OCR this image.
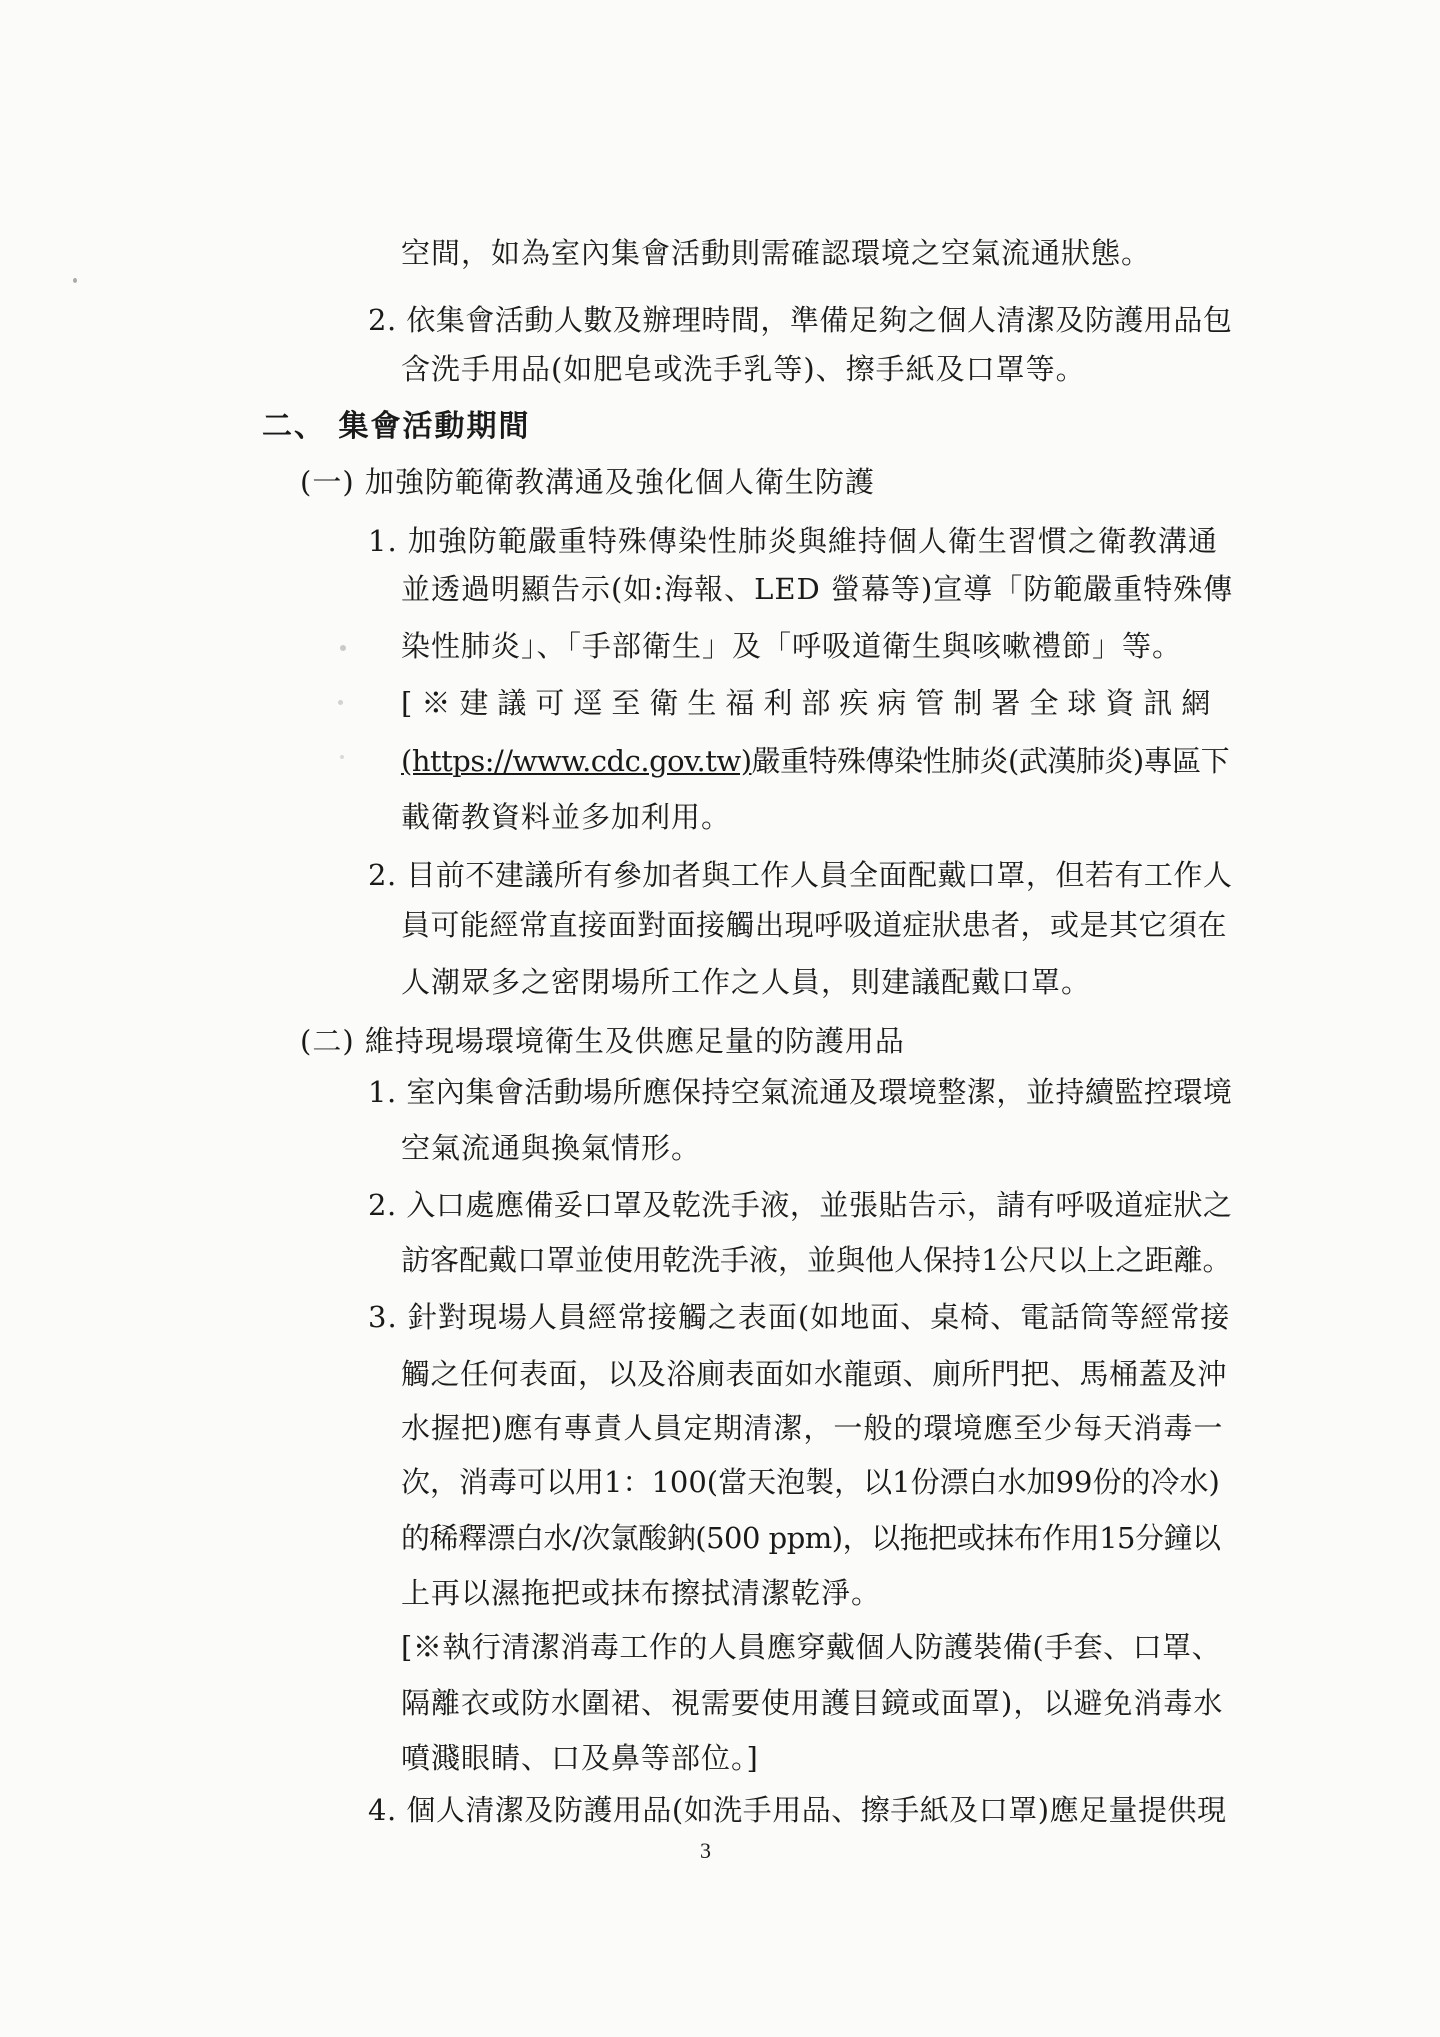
空間，如為室內集會活動則需確認環境之空氣流通狀態。
2. 依集會活動人數及辦理時間，準備足夠之個人清潔及防護用品包
含洗手用品(如肥皂或洗手乳等)、擦手紙及口罩等。
二、 集會活動期間
(一) 加強防範衛教溝通及強化個人衛生防護
1. 加強防範嚴重特殊傳染性肺炎與維持個人衛生習慣之衛教溝通
並透過明顯告示(如:海報、LED 螢幕等)宣導「防範嚴重特殊傳
染性肺炎」、「手部衛生」及「呼吸道衛生與咳嗽禮節」等。
[※建議可逕至衛生福利部疾病管制署全球資訊網
(https://www.cdc.gov.tw)嚴重特殊傳染性肺炎(武漢肺炎)專區下
載衛教資料並多加利用。
2. 目前不建議所有參加者與工作人員全面配戴口罩，但若有工作人
員可能經常直接面對面接觸出現呼吸道症狀患者，或是其它須在
人潮眾多之密閉場所工作之人員，則建議配戴口罩。
(二) 維持現場環境衛生及供應足量的防護用品
1. 室內集會活動場所應保持空氣流通及環境整潔，並持續監控環境
空氣流通與換氣情形。
2. 入口處應備妥口罩及乾洗手液，並張貼告示，請有呼吸道症狀之
訪客配戴口罩並使用乾洗手液，並與他人保持1公尺以上之距離。
3. 針對現場人員經常接觸之表面(如地面、桌椅、電話筒等經常接
觸之任何表面，以及浴廁表面如水龍頭、廁所門把、馬桶蓋及沖
水握把)應有專責人員定期清潔，一般的環境應至少每天消毒一
次，消毒可以用1：100(當天泡製，以1份漂白水加99份的冷水)
的稀釋漂白水/次氯酸鈉(500 ppm)，以拖把或抹布作用15分鐘以
上再以濕拖把或抹布擦拭清潔乾淨。
[※執行清潔消毒工作的人員應穿戴個人防護裝備(手套、口罩、
隔離衣或防水圍裙、視需要使用護目鏡或面罩)，以避免消毒水
噴濺眼睛、口及鼻等部位。]
4. 個人清潔及防護用品(如洗手用品、擦手紙及口罩)應足量提供現
3
